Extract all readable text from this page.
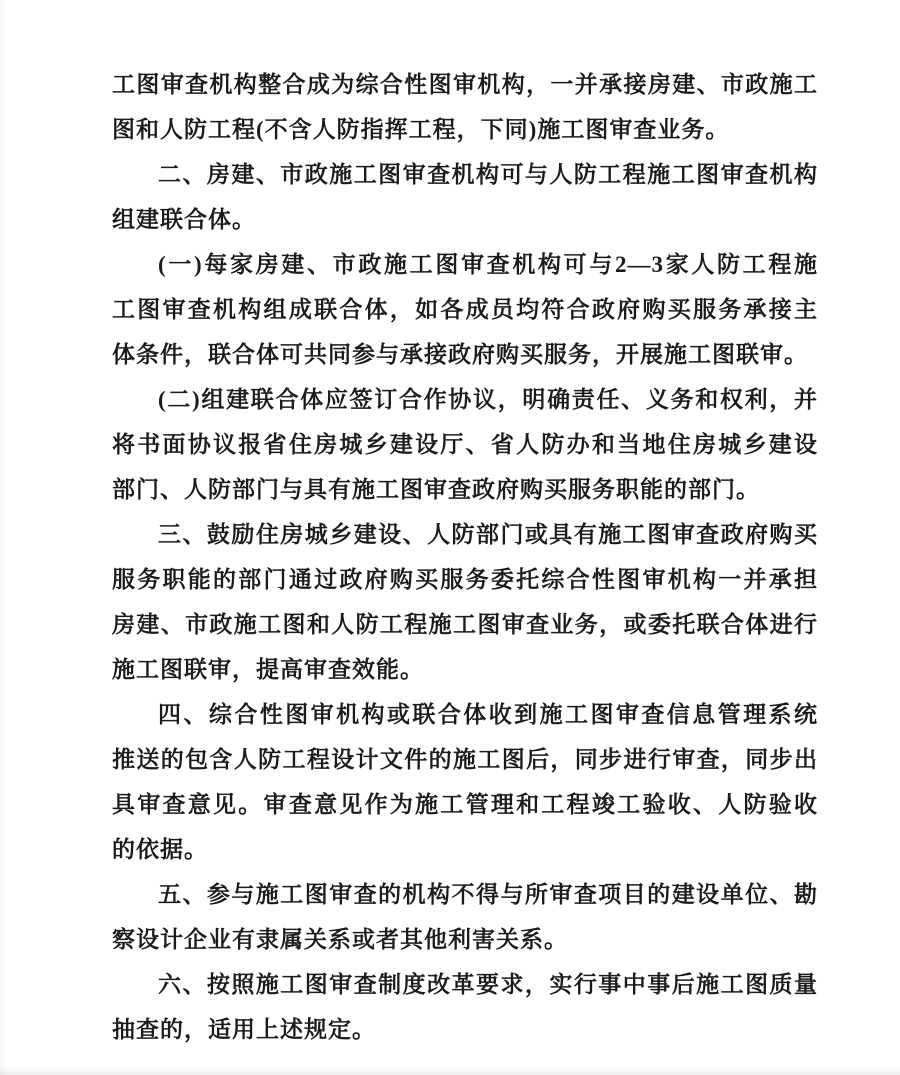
工图审查机构整合成为综合性图审机构，一并承接房建、市政施工
图和人防工程(不含人防指挥工程，下同)施工图审查业务。
二、房建、市政施工图审查机构可与人防工程施工图审查机构
组建联合体。
(一)每家房建、市政施工图审查机构可与2—3家人防工程施
工图审查机构组成联合体，如各成员均符合政府购买服务承接主
体条件，联合体可共同参与承接政府购买服务，开展施工图联审。
(二)组建联合体应签订合作协议，明确责任、义务和权利，并
将书面协议报省住房城乡建设厅、省人防办和当地住房城乡建设
部门、人防部门与具有施工图审查政府购买服务职能的部门。
三、鼓励住房城乡建设、人防部门或具有施工图审查政府购买
服务职能的部门通过政府购买服务委托综合性图审机构一并承担
房建、市政施工图和人防工程施工图审查业务，或委托联合体进行
施工图联审，提高审查效能。
四、综合性图审机构或联合体收到施工图审查信息管理系统
推送的包含人防工程设计文件的施工图后，同步进行审查，同步出
具审查意见。审查意见作为施工管理和工程竣工验收、人防验收
的依据。
五、参与施工图审查的机构不得与所审查项目的建设单位、勘
察设计企业有隶属关系或者其他利害关系。
六、按照施工图审查制度改革要求，实行事中事后施工图质量
抽查的，适用上述规定。
